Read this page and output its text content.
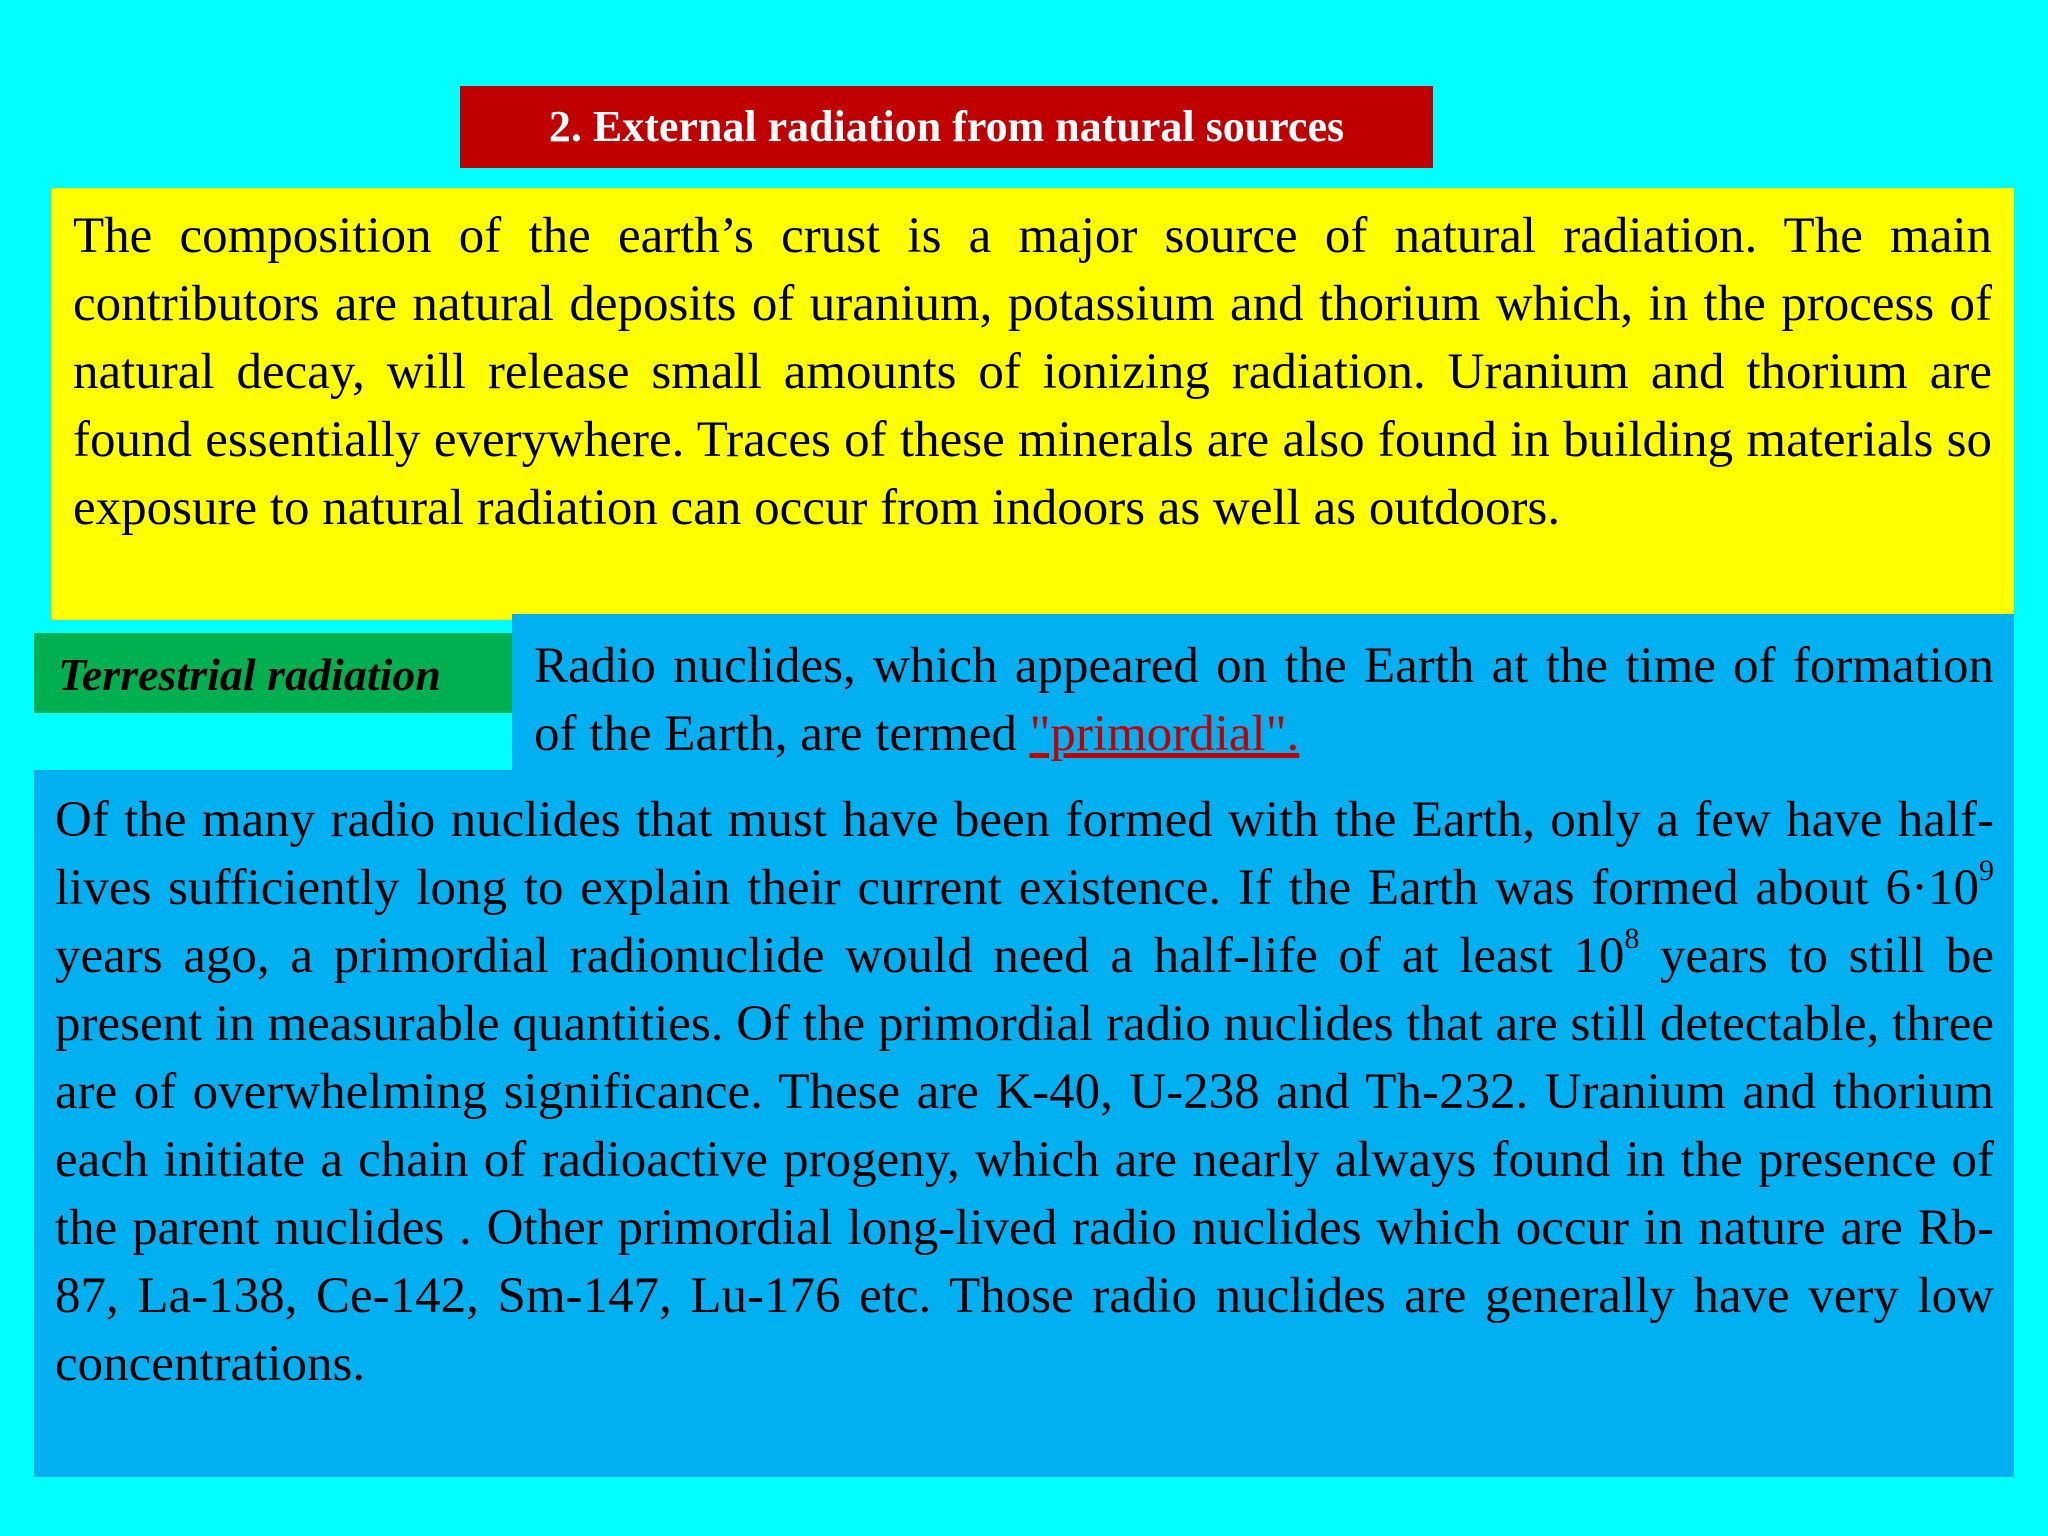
2. External radiation from natural sources
The composition of the earth’s crust is a major source of natural radiation. The main contributors are natural deposits of uranium, potassium and thorium which, in the process of natural decay, will release small amounts of ionizing radiation. Uranium and thorium are found essentially everywhere. Traces of these minerals are also found in building materials so exposure to natural radiation can occur from indoors as well as outdoors.
Radio nuclides, which appeared on the Earth at the time of formation of the Earth, are termed "primordial".
Of the many radio nuclides that must have been formed with the Earth, only a few have half-lives sufficiently long to explain their current existence. If the Earth was formed about $6\cdot 10^9$ years ago, a primordial radionuclide would need a half-life of at least $10^8$ years to still be present in measurable quantities. Of the primordial radio nuclides that are still detectable, three are of overwhelming significance. These are K-40, U-238 and Th-232. Uranium and thorium each initiate a chain of radioactive progeny, which are nearly always found in the presence of the parent nuclides . Other primordial long-lived radio nuclides which occur in nature are Rb-87, La-138, Ce-142, Sm-147, Lu-176 etc. Those radio nuclides are generally have very low concentrations.
Terrestrial radiation
